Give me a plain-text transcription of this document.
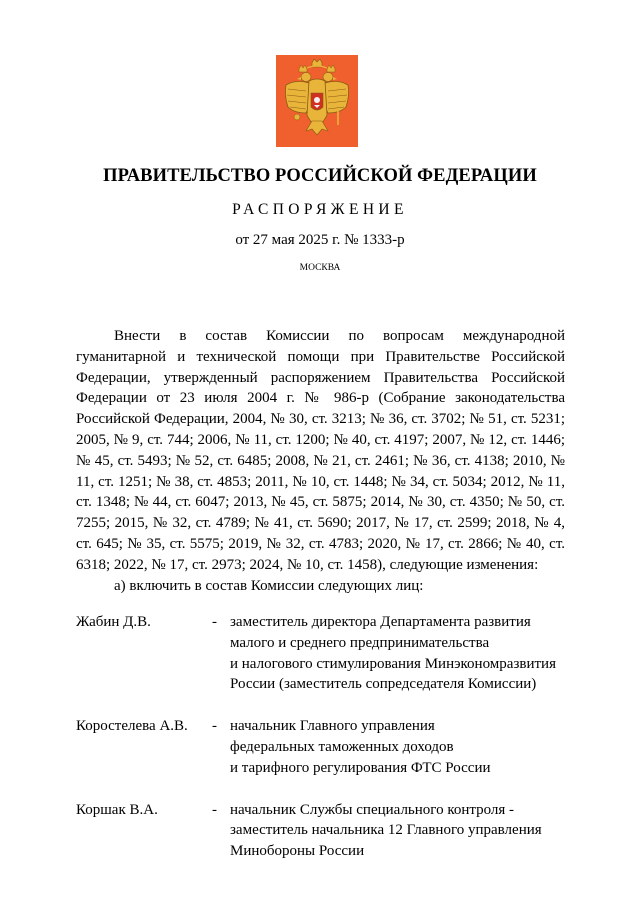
ПРАВИТЕЛЬСТВО РОССИЙСКОЙ ФЕДЕРАЦИИ
РАСПОРЯЖЕНИЕ
от 27 мая 2025 г. № 1333-р
МОСКВА

Внести в состав Комиссии по вопросам международной гуманитарной и технической помощи при Правительстве Российской Федерации, утвержденный распоряжением Правительства Российской Федерации от 23 июля 2004 г. № 986-р (Собрание законодательства Российской Федерации, 2004, № 30, ст. 3213; № 36, ст. 3702; № 51, ст. 5231; 2005, № 9, ст. 744; 2006, № 11, ст. 1200; № 40, ст. 4197; 2007, № 12, ст. 1446; № 45, ст. 5493; № 52, ст. 6485; 2008, № 21, ст. 2461; № 36, ст. 4138; 2010, № 11, ст. 1251; № 38, ст. 4853; 2011, № 10, ст. 1448; № 34, ст. 5034; 2012, № 11, ст. 1348; № 44, ст. 6047; 2013, № 45, ст. 5875; 2014, № 30, ст. 4350; № 50, ст. 7255; 2015, № 32, ст. 4789; № 41, ст. 5690; 2017, № 17, ст. 2599; 2018, № 4, ст. 645; № 35, ст. 5575; 2019, № 32, ст. 4783; 2020, № 17, ст. 2866; № 40, ст. 6318; 2022, № 17, ст. 2973; 2024, № 10, ст. 1458), следующие изменения:

а) включить в состав Комиссии следующих лиц:

Жабин Д.В.	- заместитель директора Департамента развития
малого и среднего предпринимательства
и налогового стимулирования Минэкономразвития
России (заместитель сопредседателя Комиссии)
Коростелева А.В. - начальник Главного управления
федеральных таможенных доходов
и тарифного регулирования ФТС России
Коршак В.А.	- начальник Службы специального контроля -
заместитель начальника 12 Главного управления
Минобороны России
